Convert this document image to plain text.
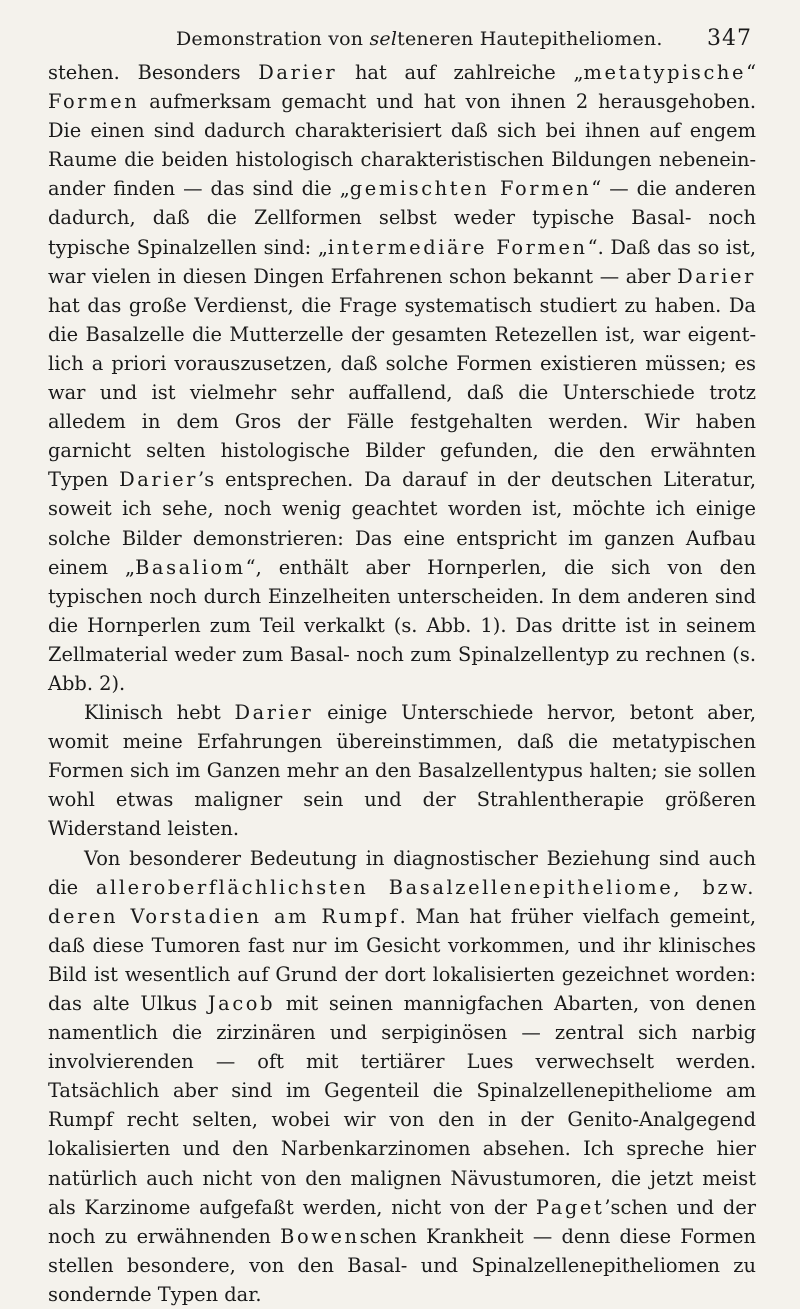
Demonstration von selteneren Hautepitheliomen. 347

stehen. Besonders Darier hat auf zahlreiche „metatypische“ Formen aufmerksam gemacht und hat von ihnen 2 herausgehoben. Die einen sind dadurch charakterisiert daß sich bei ihnen auf engem Raume die beiden histologisch charakteristischen Bildungen nebeneinander finden — das sind die „gemischten Formen“ — die anderen dadurch, daß die Zellformen selbst weder typische Basal- noch typische Spinalzellen sind: „intermediäre Formen“. Daß das so ist, war vielen in diesen Dingen Erfahrenen schon bekannt — aber Darier hat das große Verdienst, die Frage systematisch studiert zu haben. Da die Basalzelle die Mutterzelle der gesamten Retezellen ist, war eigentlich a priori vorauszusetzen, daß solche Formen existieren müssen; es war und ist vielmehr sehr auffallend, daß die Unterschiede trotz alledem in dem Gros der Fälle festgehalten werden. Wir haben garnicht selten histologische Bilder gefunden, die den erwähnten Typen Darier’s entsprechen. Da darauf in der deutschen Literatur, soweit ich sehe, noch wenig geachtet worden ist, möchte ich einige solche Bilder demonstrieren: Das eine entspricht im ganzen Aufbau einem „Basaliom“, enthält aber Hornperlen, die sich von den typischen noch durch Einzelheiten unterscheiden. In dem anderen sind die Hornperlen zum Teil verkalkt (s. Abb. 1). Das dritte ist in seinem Zellmaterial weder zum Basal- noch zum Spinalzellentyp zu rechnen (s. Abb. 2).

Klinisch hebt Darier einige Unterschiede hervor, betont aber, womit meine Erfahrungen übereinstimmen, daß die metatypischen Formen sich im Ganzen mehr an den Basalzellentypus halten; sie sollen wohl etwas maligner sein und der Strahlentherapie größeren Widerstand leisten.

Von besonderer Bedeutung in diagnostischer Beziehung sind auch die alleroberflächlichsten Basalzellenepitheliome, bzw. deren Vorstadien am Rumpf. Man hat früher vielfach gemeint, daß diese Tumoren fast nur im Gesicht vorkommen, und ihr klinisches Bild ist wesentlich auf Grund der dort lokalisierten gezeichnet worden: das alte Ulkus Jacob mit seinen mannigfachen Abarten, von denen namentlich die zirzinären und serpiginösen — zentral sich narbig involvierenden — oft mit tertiärer Lues verwechselt werden. Tatsächlich aber sind im Gegenteil die Spinalzellenepitheliome am Rumpf recht selten, wobei wir von den in der Genito-Analgegend lokalisierten und den Narbenkarzinomen absehen. Ich spreche hier natürlich auch nicht von den malignen Nävustumoren, die jetzt meist als Karzinome aufgefaßt werden, nicht von der Paget’schen und der noch zu erwähnenden Bowenschen Krankheit — denn diese Formen stellen besondere, von den Basal- und Spinalzellenepitheliomen zu sondernde Typen dar.
